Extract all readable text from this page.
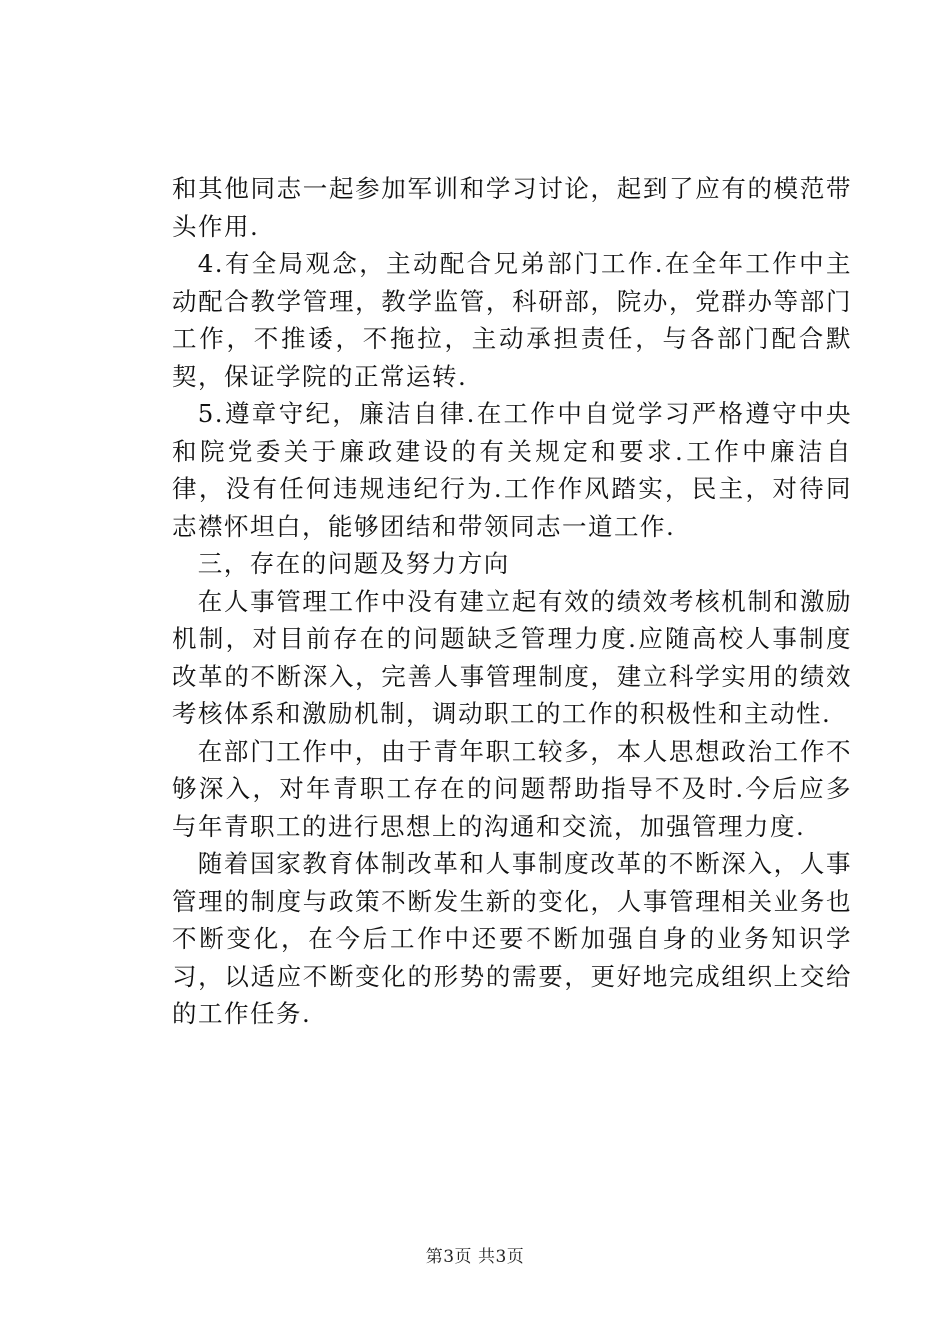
和其他同志一起参加军训和学习讨论，起到了应有的模范带头作用.

4.有全局观念，主动配合兄弟部门工作.在全年工作中主动配合教学管理，教学监管，科研部，院办，党群办等部门工作，不推诿，不拖拉，主动承担责任，与各部门配合默契，保证学院的正常运转.

5.遵章守纪，廉洁自律.在工作中自觉学习严格遵守中央和院党委关于廉政建设的有关规定和要求.工作中廉洁自律，没有任何违规违纪行为.工作作风踏实，民主，对待同志襟怀坦白，能够团结和带领同志一道工作.

三，存在的问题及努力方向

在人事管理工作中没有建立起有效的绩效考核机制和激励机制，对目前存在的问题缺乏管理力度.应随高校人事制度改革的不断深入，完善人事管理制度，建立科学实用的绩效考核体系和激励机制，调动职工的工作的积极性和主动性.

在部门工作中，由于青年职工较多，本人思想政治工作不够深入，对年青职工存在的问题帮助指导不及时.今后应多与年青职工的进行思想上的沟通和交流，加强管理力度.

随着国家教育体制改革和人事制度改革的不断深入，人事管理的制度与政策不断发生新的变化，人事管理相关业务也不断变化，在今后工作中还要不断加强自身的业务知识学习，以适应不断变化的形势的需要，更好地完成组织上交给的工作任务.

第3页 共3页
